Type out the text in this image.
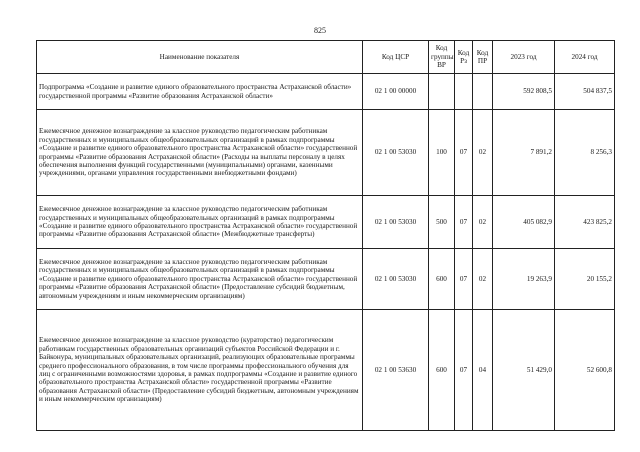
825
Наименование показателя	Код ЦСР	Код группы ВР	Код Рз	Код ПР	2023 год	2024 год
Подпрограмма «Создание и развитие единого образовательного пространства Астраханской области» государственной программы «Развитие образования Астраханской области»	02 1 00 00000				592 808,5	504 837,5
Ежемесячное денежное вознаграждение за классное руководство педагогическим работникам государственных и муниципальных общеобразовательных организаций в рамках подпрограммы «Создание и развитие единого образовательного пространства Астраханской области» государственной программы «Развитие образования Астраханской области» (Расходы на выплаты персоналу в целях обеспечения выполнения функций государственными (муниципальными) органами, казенными учреждениями, органами управления государственными внебюджетными фондами)	02 1 00 53030	100	07	02	7 891,2	8 256,3
Ежемесячное денежное вознаграждение за классное руководство педагогическим работникам государственных и муниципальных общеобразовательных организаций в рамках подпрограммы «Создание и развитие единого образовательного пространства Астраханской области» государственной программы «Развитие образования Астраханской области» (Межбюджетные трансферты)	02 1 00 53030	500	07	02	405 082,9	423 825,2
Ежемесячное денежное вознаграждение за классное руководство педагогическим работникам государственных и муниципальных общеобразовательных организаций в рамках подпрограммы «Создание и развитие единого образовательного пространства Астраханской области» государственной программы «Развитие образования Астраханской области» (Предоставление субсидий бюджетным, автономным учреждениям и иным некоммерческим организациям)	02 1 00 53030	600	07	02	19 263,9	20 155,2
Ежемесячное денежное вознаграждение за классное руководство (кураторство) педагогическим работникам государственных образовательных организаций субъектов Российской Федерации и г. Байконура, муниципальных образовательных организаций, реализующих образовательные программы среднего профессионального образования, в том числе программы профессионального обучения для лиц с ограниченными возможностями здоровья, в рамках подпрограммы «Создание и развитие единого образовательного пространства Астраханской области» государственной программы «Развитие образования Астраханской области» (Предоставление субсидий бюджетным, автономным учреждениям и иным некоммерческим организациям)	02 1 00 53630	600	07	04	51 429,0	52 600,8
